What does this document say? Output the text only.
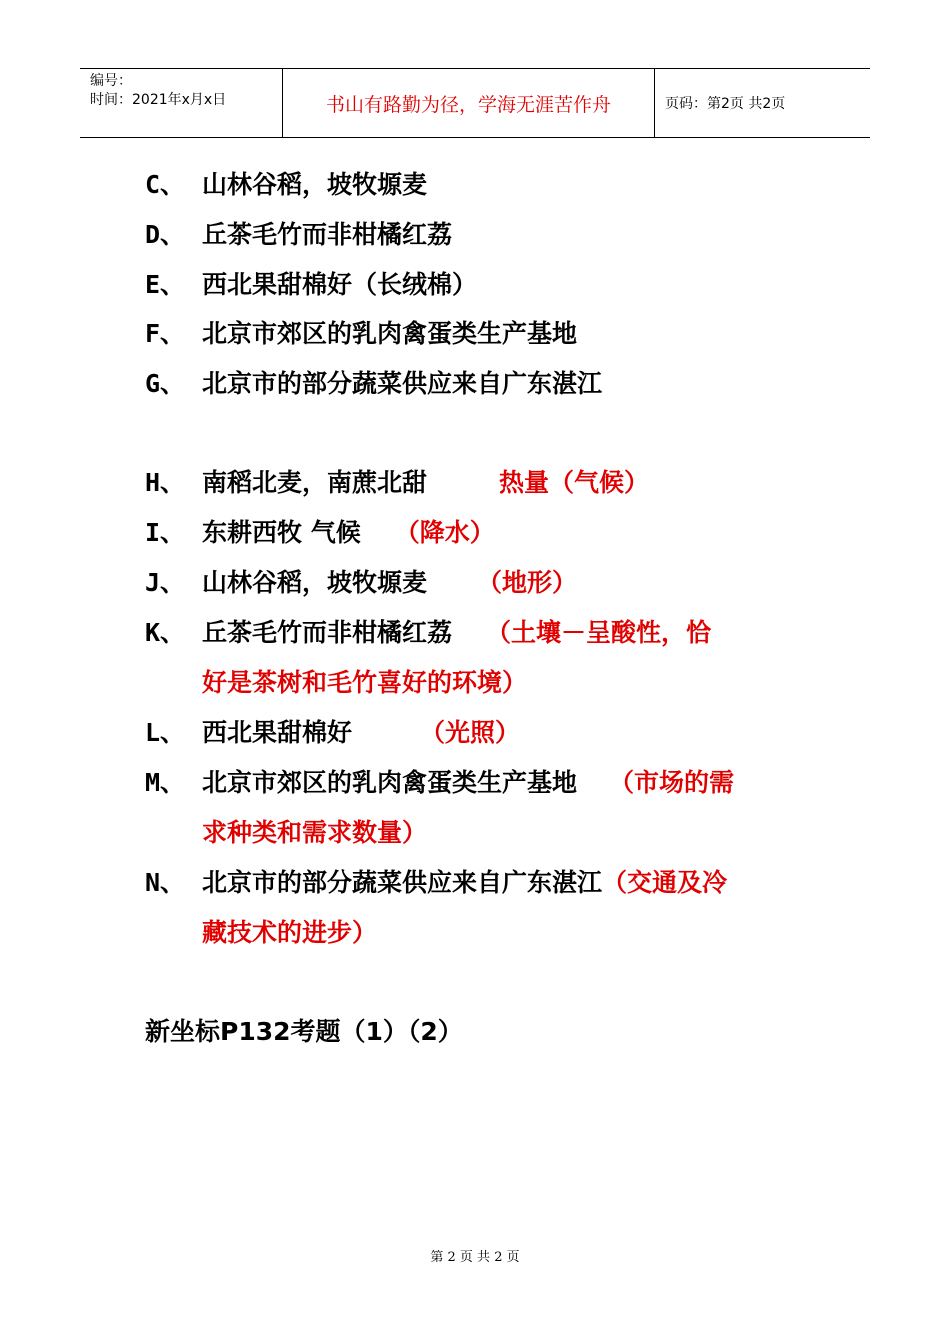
编号：
时间：2021年x月x日	书山有路勤为径，学海无涯苦作舟	页码：第2页 共2页
C、 山林谷稻，坡牧塬麦
D、 丘茶毛竹而非柑橘红荔
E、 西北果甜棉好（长绒棉）
F、 北京市郊区的乳肉禽蛋类生产基地
G、 北京市的部分蔬菜供应来自广东湛江
H、 南稻北麦，南蔗北甜	热量（气候）
I、 东耕西牧 气候 （降水）
J、 山林谷稻，坡牧塬麦 （地形）
K、 丘茶毛竹而非柑橘红荔 （土壤－呈酸性，恰
好是茶树和毛竹喜好的环境）
L、 西北果甜棉好	（光照）
M、 北京市郊区的乳肉禽蛋类生产基地 （市场的需
求种类和需求数量）
N、 北京市的部分蔬菜供应来自广东湛江（交通及冷
藏技术的进步）
新坐标P132考题（1）（2）
第 2 页 共 2 页
